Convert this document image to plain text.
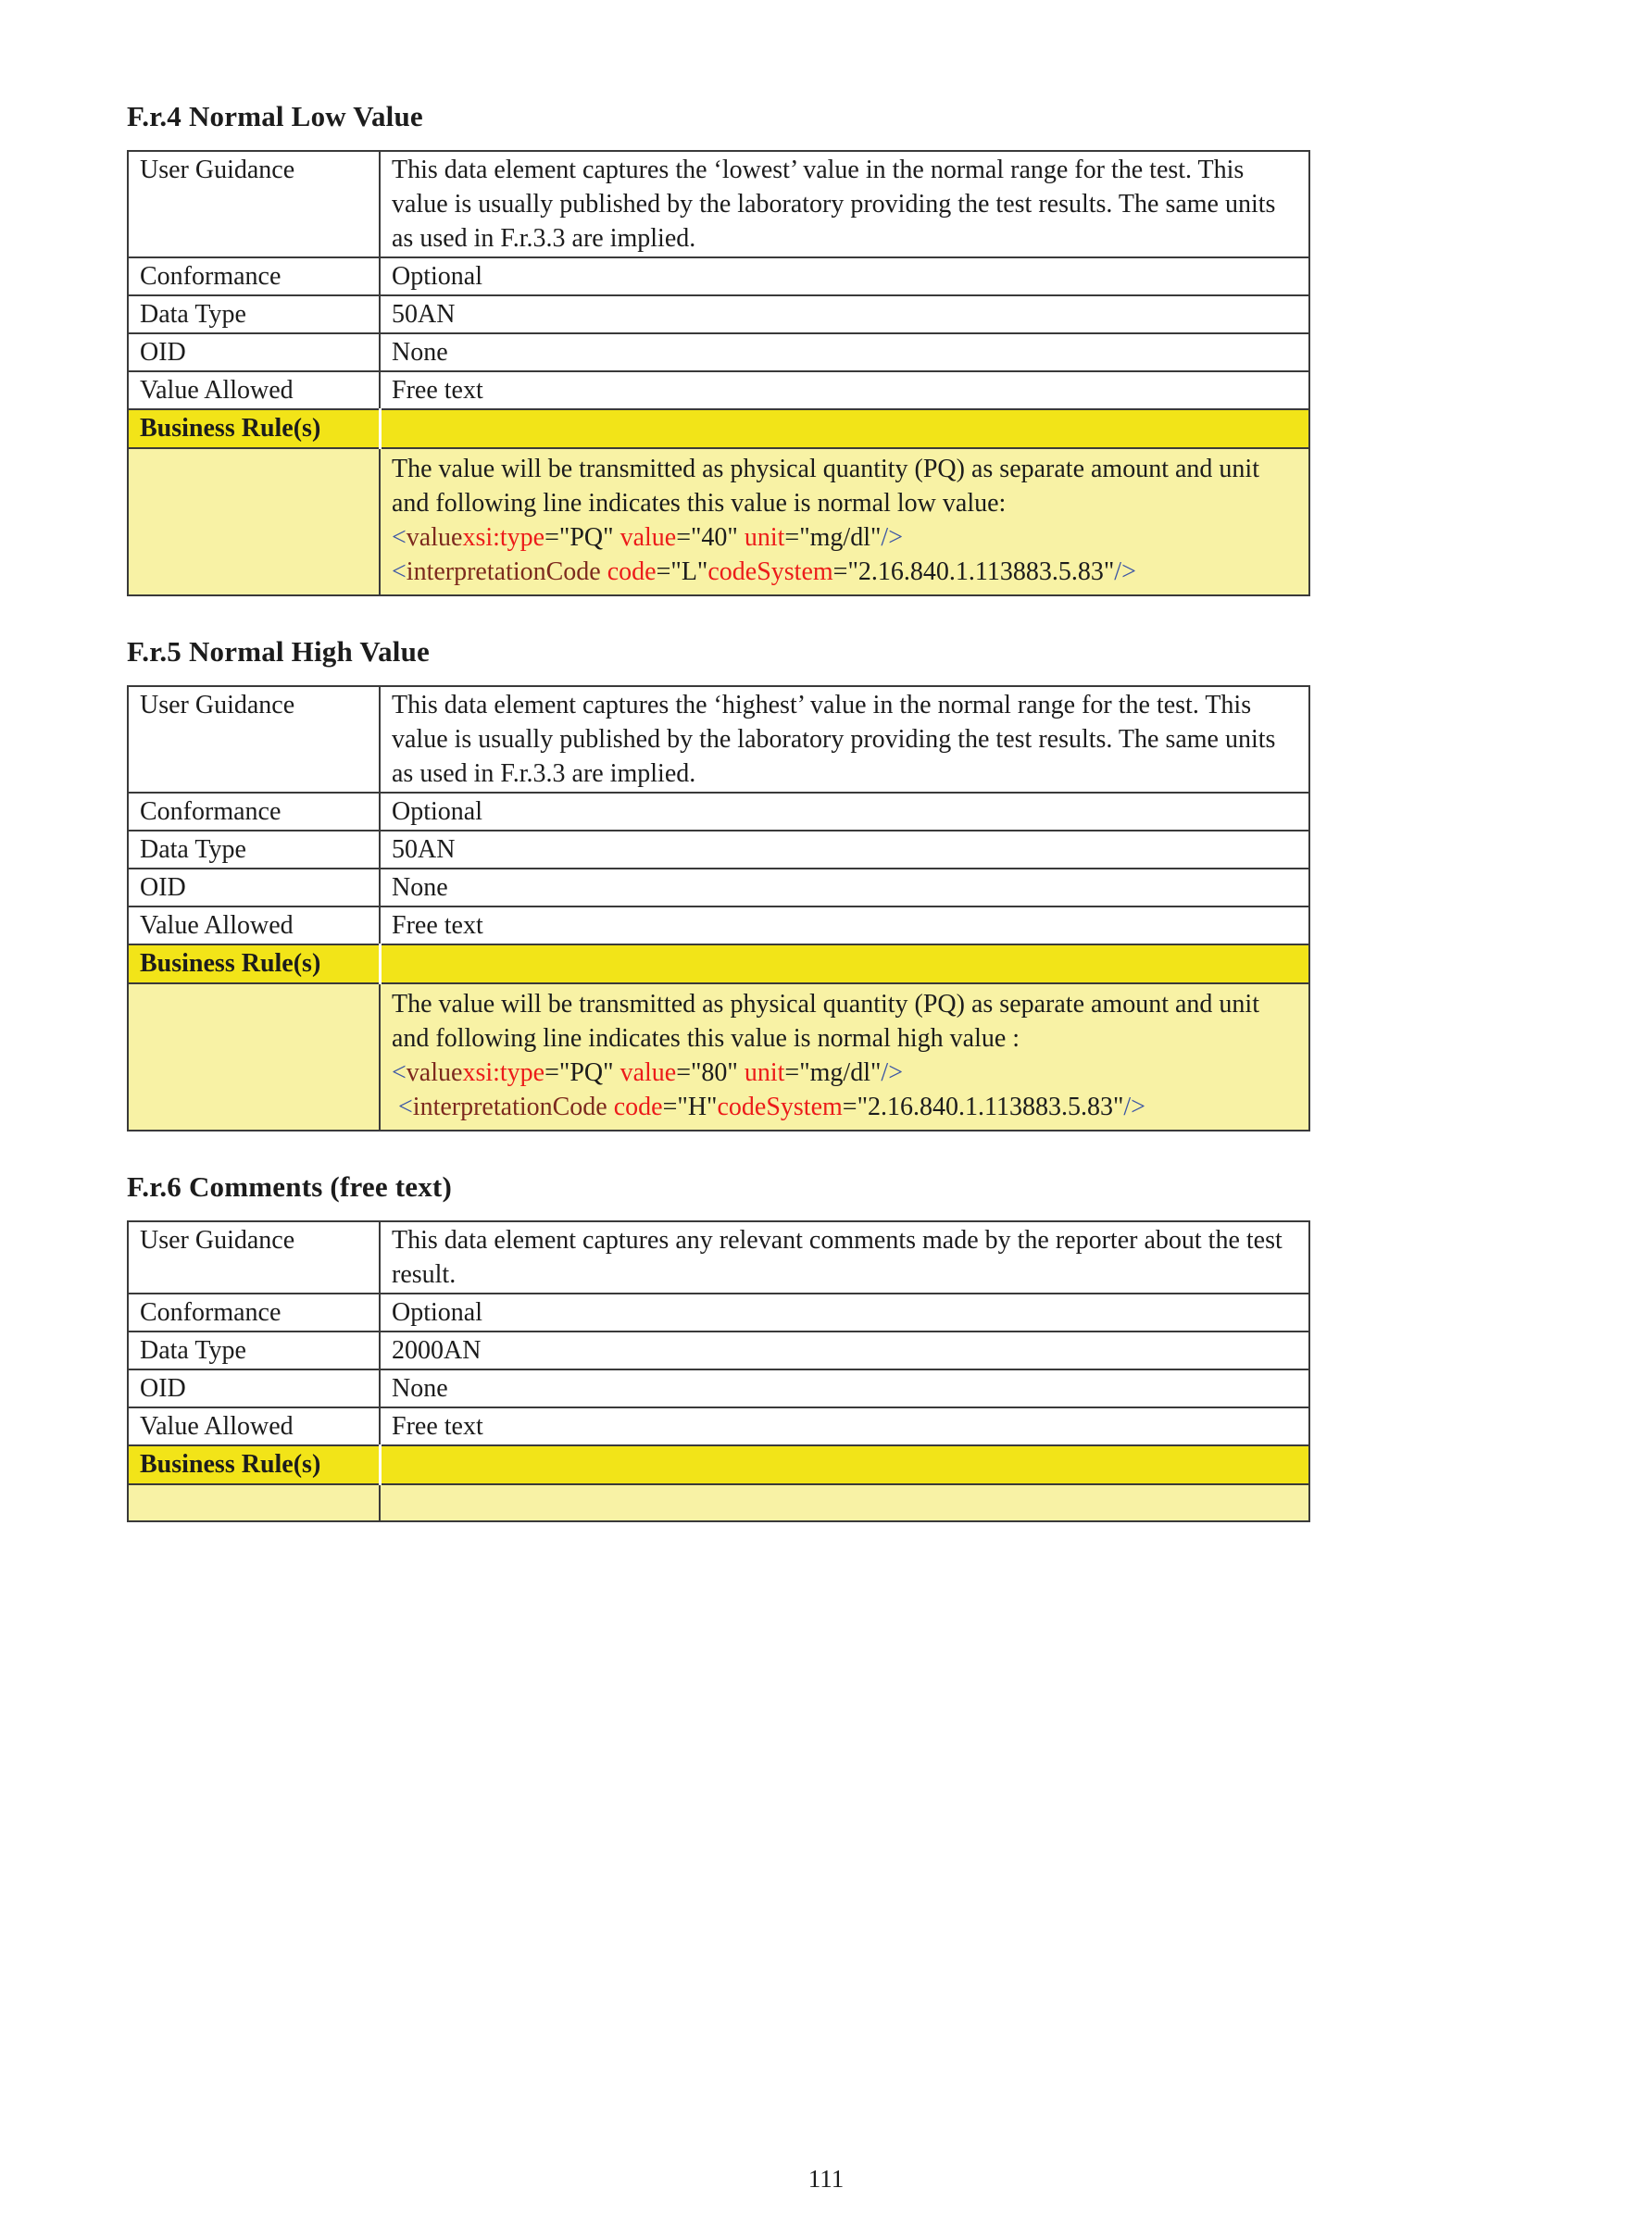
F.r.4 Normal Low Value
User Guidance	This data element captures the ‘lowest’ value in the normal range for the test. This value is usually published by the laboratory providing the test results. The same units as used in F.r.3.3 are implied.
Conformance	Optional
Data Type	50AN
OID	None
Value Allowed	Free text
Business Rule(s)	

	The value will be transmitted as physical quantity (PQ) as separate amount and unit and following line indicates this value is normal low value:
<valuexsi:type="PQ" value="40" unit="mg/dl"/>
<interpretationCode code="L"codeSystem="2.16.840.1.113883.5.83"/>
F.r.5 Normal High Value
User Guidance	This data element captures the ‘highest’ value in the normal range for the test. This value is usually published by the laboratory providing the test results. The same units as used in F.r.3.3 are implied.
Conformance	Optional
Data Type	50AN
OID	None
Value Allowed	Free text
Business Rule(s)	

	The value will be transmitted as physical quantity (PQ) as separate amount and unit and following line indicates this value is normal high value :
<valuexsi:type="PQ" value="80" unit="mg/dl"/>
<interpretationCode code="H"codeSystem="2.16.840.1.113883.5.83"/>
F.r.6 Comments (free text)
User Guidance	This data element captures any relevant comments made by the reporter about the test result.
Conformance	Optional
Data Type	2000AN
OID	None
Value Allowed	Free text
Business Rule(s)	

111
